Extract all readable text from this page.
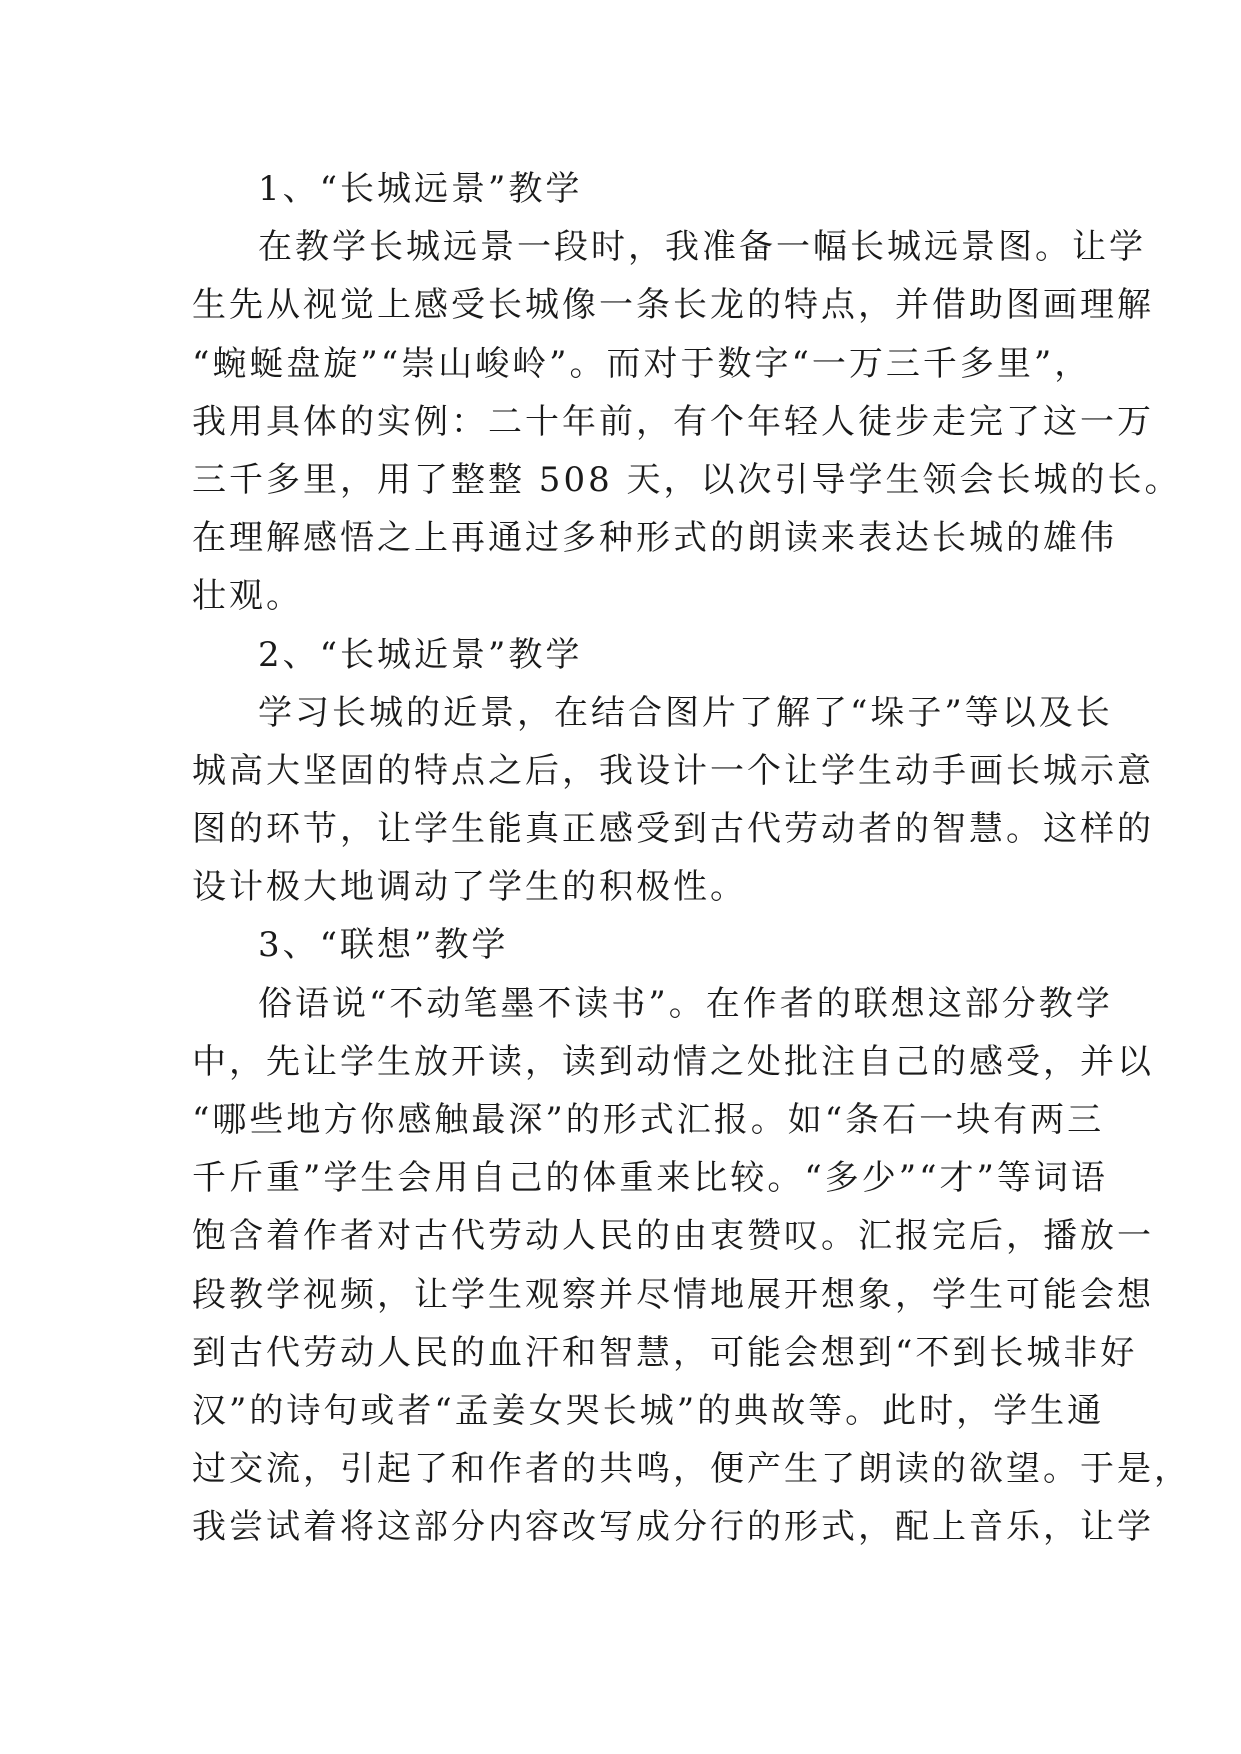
1、“长城远景”教学
在教学长城远景一段时，我准备一幅长城远景图。让学
生先从视觉上感受长城像一条长龙的特点，并借助图画理解
“蜿蜒盘旋”“崇山峻岭”。而对于数字“一万三千多里”，
我用具体的实例：二十年前，有个年轻人徒步走完了这一万
三千多里，用了整整 508 天，以次引导学生领会长城的长。
在理解感悟之上再通过多种形式的朗读来表达长城的雄伟
壮观。
2、“长城近景”教学
学习长城的近景，在结合图片了解了“垛子”等以及长
城高大坚固的特点之后，我设计一个让学生动手画长城示意
图的环节，让学生能真正感受到古代劳动者的智慧。这样的
设计极大地调动了学生的积极性。
3、“联想”教学
俗语说“不动笔墨不读书”。在作者的联想这部分教学
中，先让学生放开读，读到动情之处批注自己的感受，并以
“哪些地方你感触最深”的形式汇报。如“条石一块有两三
千斤重”学生会用自己的体重来比较。“多少”“才”等词语
饱含着作者对古代劳动人民的由衷赞叹。汇报完后，播放一
段教学视频，让学生观察并尽情地展开想象，学生可能会想
到古代劳动人民的血汗和智慧，可能会想到“不到长城非好
汉”的诗句或者“孟姜女哭长城”的典故等。此时，学生通
过交流，引起了和作者的共鸣，便产生了朗读的欲望。于是，
我尝试着将这部分内容改写成分行的形式，配上音乐，让学
